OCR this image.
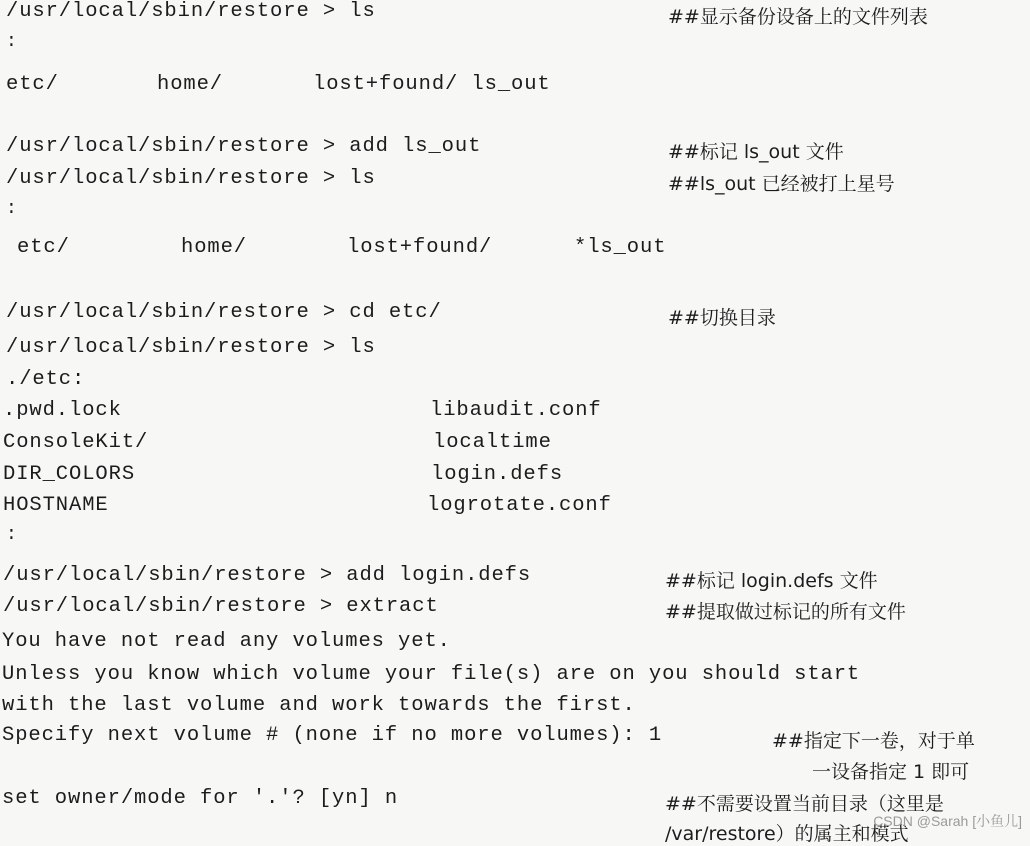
/usr/local/sbin/restore > ls	##显示备份设备上的文件列表
:
etc/	home/	lost+found/ ls_out
/usr/local/sbin/restore > add ls_out	##标记 ls_out 文件
/usr/local/sbin/restore > ls	##ls_out 已经被打上星号
:
etc/	home/	lost+found/	*ls_out
/usr/local/sbin/restore > cd etc/	##切换目录
/usr/local/sbin/restore > ls
./etc:
.pwd.lock	libaudit.conf
ConsoleKit/	localtime
DIR_COLORS	login.defs
HOSTNAME	logrotate.conf
:
/usr/local/sbin/restore > add login.defs	##标记 login.defs 文件
/usr/local/sbin/restore > extract	##提取做过标记的所有文件
You have not read any volumes yet.
Unless you know which volume your file(s) are on you should start
with the last volume and work towards the first.
Specify next volume # (none if no more volumes): 1	##指定下一卷，对于单
一设备指定 1 即可
set owner/mode for '.'? [yn] n	##不需要设置当前目录（这里是
/var/restore）的属主和模式
CSDN @Sarah [小鱼儿]
